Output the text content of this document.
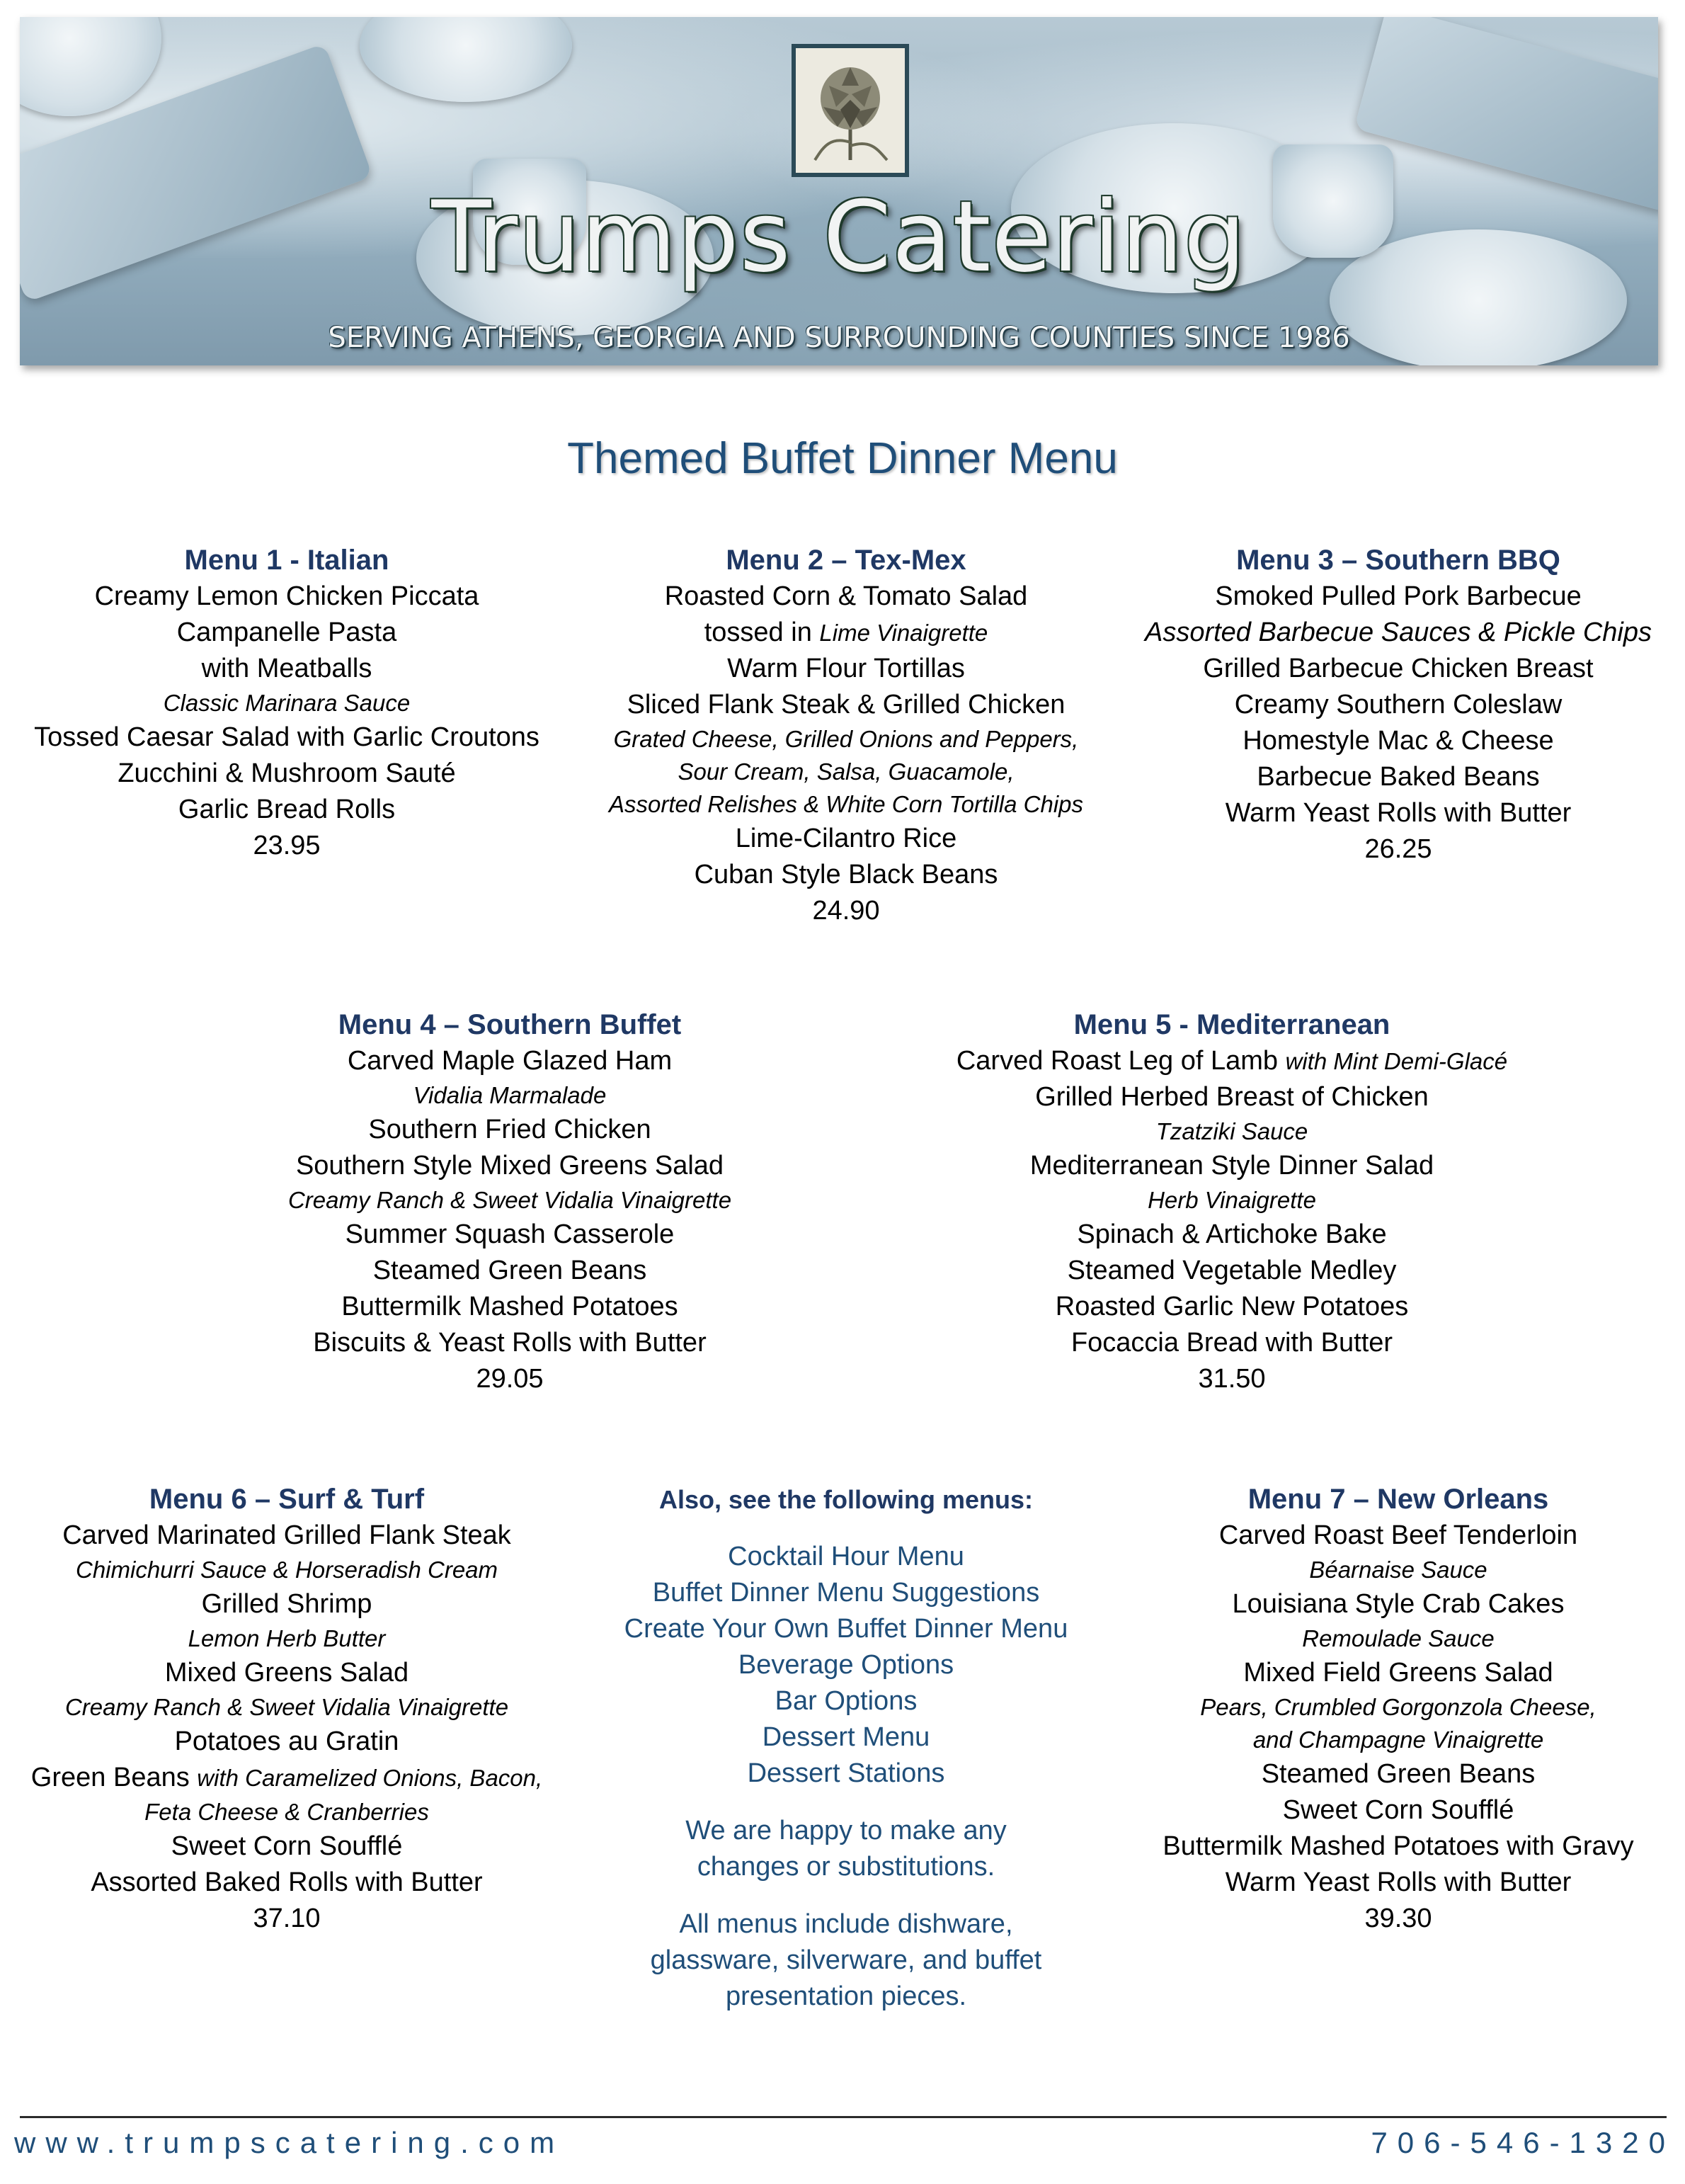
Trumps Catering
SERVING ATHENS, GEORGIA AND SURROUNDING COUNTIES SINCE 1986
Themed Buffet Dinner Menu
Menu 1 - Italian
Creamy Lemon Chicken Piccata
Campanelle Pasta
with Meatballs
Classic Marinara Sauce
Tossed Caesar Salad with Garlic Croutons
Zucchini & Mushroom Sauté
Garlic Bread Rolls
23.95
Menu 2 – Tex-Mex
Roasted Corn & Tomato Salad
tossed in Lime Vinaigrette
Warm Flour Tortillas
Sliced Flank Steak & Grilled Chicken
Grated Cheese, Grilled Onions and Peppers,
Sour Cream, Salsa, Guacamole,
Assorted Relishes & White Corn Tortilla Chips
Lime-Cilantro Rice
Cuban Style Black Beans
24.90
Menu 3 – Southern BBQ
Smoked Pulled Pork Barbecue
Assorted Barbecue Sauces & Pickle Chips
Grilled Barbecue Chicken Breast
Creamy Southern Coleslaw
Homestyle Mac & Cheese
Barbecue Baked Beans
Warm Yeast Rolls with Butter
26.25
Menu 4 – Southern Buffet
Carved Maple Glazed Ham
Vidalia Marmalade
Southern Fried Chicken
Southern Style Mixed Greens Salad
Creamy Ranch & Sweet Vidalia Vinaigrette
Summer Squash Casserole
Steamed Green Beans
Buttermilk Mashed Potatoes
Biscuits & Yeast Rolls with Butter
29.05
Menu 5 - Mediterranean
Carved Roast Leg of Lamb with Mint Demi-Glacé
Grilled Herbed Breast of Chicken
Tzatziki Sauce
Mediterranean Style Dinner Salad
Herb Vinaigrette
Spinach & Artichoke Bake
Steamed Vegetable Medley
Roasted Garlic New Potatoes
Focaccia Bread with Butter
31.50
Menu 6 – Surf & Turf
Carved Marinated Grilled Flank Steak
Chimichurri Sauce & Horseradish Cream
Grilled Shrimp
Lemon Herb Butter
Mixed Greens Salad
Creamy Ranch & Sweet Vidalia Vinaigrette
Potatoes au Gratin
Green Beans with Caramelized Onions, Bacon,
Feta Cheese & Cranberries
Sweet Corn Soufflé
Assorted Baked Rolls with Butter
37.10
Also, see the following menus:
Cocktail Hour Menu
Buffet Dinner Menu Suggestions
Create Your Own Buffet Dinner Menu
Beverage Options
Bar Options
Dessert Menu
Dessert Stations
We are happy to make any
changes or substitutions.
All menus include dishware,
glassware, silverware, and buffet
presentation pieces.
Menu 7 – New Orleans
Carved Roast Beef Tenderloin
Béarnaise Sauce
Louisiana Style Crab Cakes
Remoulade Sauce
Mixed Field Greens Salad
Pears, Crumbled Gorgonzola Cheese,
and Champagne Vinaigrette
Steamed Green Beans
Sweet Corn Soufflé
Buttermilk Mashed Potatoes with Gravy
Warm Yeast Rolls with Butter
39.30
www.trumpscatering.com	706-546-1320
